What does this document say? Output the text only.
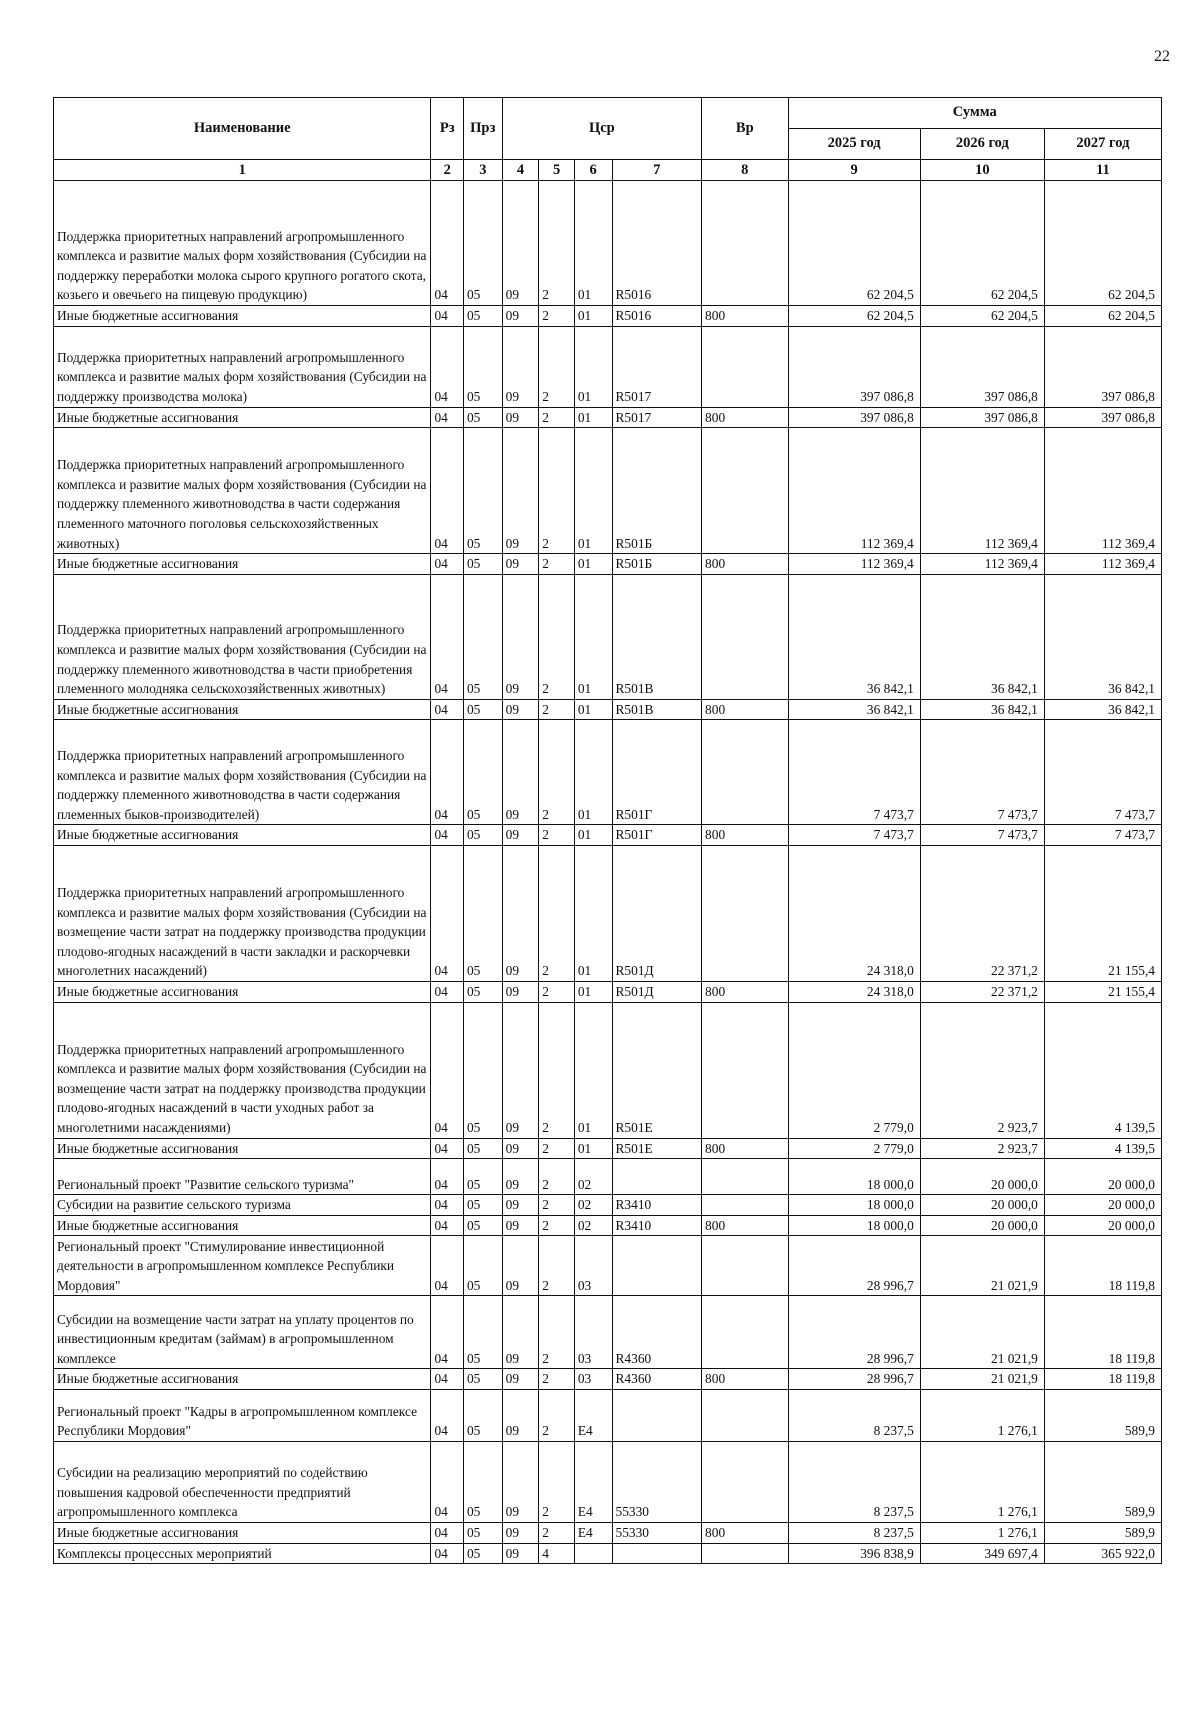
22
Наименование	Рз	Прз	Цср				Вр	Сумма		
								2025 год	2026 год	2027 год
1	2	3	4	5	6	7	8	9	10	11
Поддержка приоритетных направлений агропромышленного комплекса и развитие малых форм хозяйствования (Субсидии на поддержку переработки молока сырого крупного рогатого скота, козьего и овечьего на пищевую продукцию)	04	05	09	2	01	R5016		62 204,5	62 204,5	62 204,5
Иные бюджетные ассигнования	04	05	09	2	01	R5016	800	62 204,5	62 204,5	62 204,5
Поддержка приоритетных направлений агропромышленного комплекса и развитие малых форм хозяйствования (Субсидии на поддержку производства молока)	04	05	09	2	01	R5017		397 086,8	397 086,8	397 086,8
Иные бюджетные ассигнования	04	05	09	2	01	R5017	800	397 086,8	397 086,8	397 086,8
Поддержка приоритетных направлений агропромышленного комплекса и развитие малых форм хозяйствования (Субсидии на поддержку племенного животноводства в части содержания племенного маточного поголовья сельскохозяйственных животных)	04	05	09	2	01	R501Б		112 369,4	112 369,4	112 369,4
Иные бюджетные ассигнования	04	05	09	2	01	R501Б	800	112 369,4	112 369,4	112 369,4
Поддержка приоритетных направлений агропромышленного комплекса и развитие малых форм хозяйствования (Субсидии на поддержку племенного животноводства в части приобретения племенного молодняка сельскохозяйственных животных)	04	05	09	2	01	R501В		36 842,1	36 842,1	36 842,1
Иные бюджетные ассигнования	04	05	09	2	01	R501В	800	36 842,1	36 842,1	36 842,1
Поддержка приоритетных направлений агропромышленного комплекса и развитие малых форм хозяйствования (Субсидии на поддержку племенного животноводства в части содержания племенных быков-производителей)	04	05	09	2	01	R501Г		7 473,7	7 473,7	7 473,7
Иные бюджетные ассигнования	04	05	09	2	01	R501Г	800	7 473,7	7 473,7	7 473,7
Поддержка приоритетных направлений агропромышленного комплекса и развитие малых форм хозяйствования (Субсидии на возмещение части затрат на поддержку производства продукции плодово-ягодных насаждений в части закладки и раскорчевки многолетних насаждений)	04	05	09	2	01	R501Д		24 318,0	22 371,2	21 155,4
Иные бюджетные ассигнования	04	05	09	2	01	R501Д	800	24 318,0	22 371,2	21 155,4
Поддержка приоритетных направлений агропромышленного комплекса и развитие малых форм хозяйствования (Субсидии на возмещение части затрат на поддержку производства продукции плодово-ягодных насаждений в части уходных работ за многолетними насаждениями)	04	05	09	2	01	R501Е		2 779,0	2 923,7	4 139,5
Иные бюджетные ассигнования	04	05	09	2	01	R501Е	800	2 779,0	2 923,7	4 139,5
Региональный проект "Развитие сельского туризма"	04	05	09	2	02			18 000,0	20 000,0	20 000,0
Субсидии на развитие сельского туризма	04	05	09	2	02	R3410		18 000,0	20 000,0	20 000,0
Иные бюджетные ассигнования	04	05	09	2	02	R3410	800	18 000,0	20 000,0	20 000,0
Региональный проект "Стимулирование инвестиционной деятельности в агропромышленном комплексе Республики Мордовия"	04	05	09	2	03			28 996,7	21 021,9	18 119,8
Субсидии на возмещение части затрат на уплату процентов по инвестиционным кредитам (займам) в агропромышленном комплексе	04	05	09	2	03	R4360		28 996,7	21 021,9	18 119,8
Иные бюджетные ассигнования	04	05	09	2	03	R4360	800	28 996,7	21 021,9	18 119,8
Региональный проект "Кадры в агропромышленном комплексе Республики Мордовия"	04	05	09	2	Е4			8 237,5	1 276,1	589,9
Субсидии на реализацию мероприятий по содействию повышения кадровой обеспеченности предприятий агропромышленного комплекса	04	05	09	2	Е4	55330		8 237,5	1 276,1	589,9
Иные бюджетные ассигнования	04	05	09	2	Е4	55330	800	8 237,5	1 276,1	589,9
Комплексы процессных мероприятий	04	05	09	4				396 838,9	349 697,4	365 922,0
